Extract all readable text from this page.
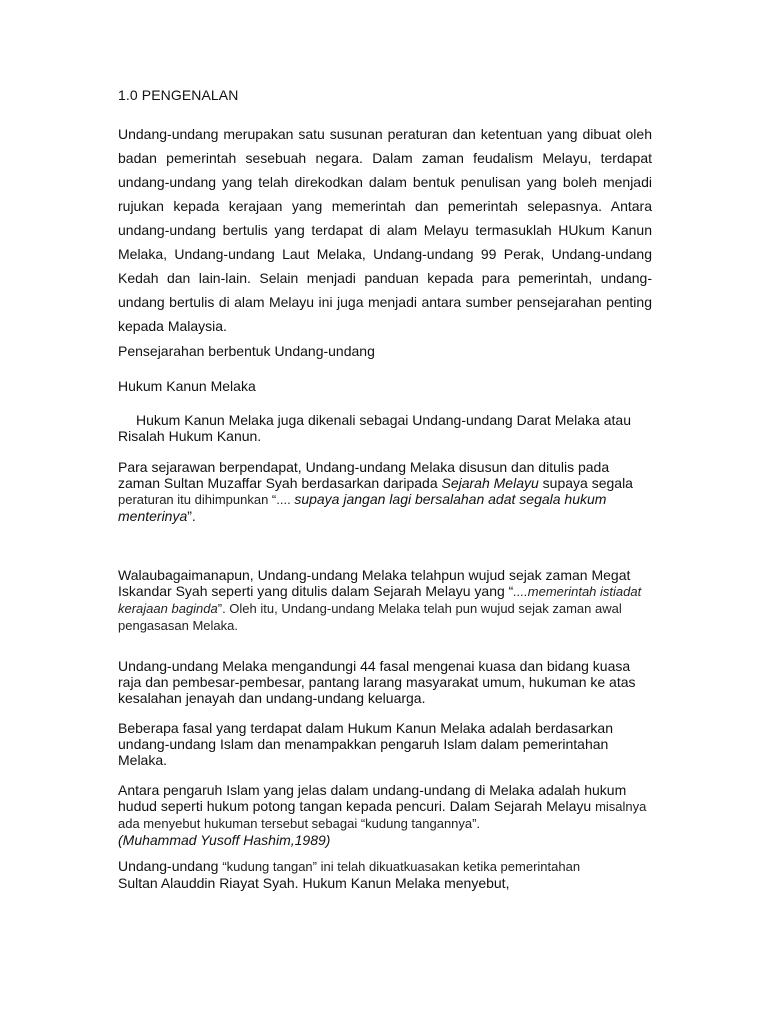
1.0 PENGENALAN
Undang-undang merupakan satu susunan peraturan dan ketentuan yang dibuat oleh badan pemerintah sesebuah negara. Dalam zaman feudalism Melayu, terdapat undang-undang yang telah direkodkan dalam bentuk penulisan yang boleh menjadi rujukan kepada kerajaan yang memerintah dan pemerintah selepasnya. Antara undang-undang bertulis yang terdapat di alam Melayu termasuklah HUkum Kanun Melaka, Undang-undang Laut Melaka, Undang-undang 99 Perak, Undang-undang Kedah dan lain-lain. Selain menjadi panduan kepada para pemerintah, undang-undang bertulis di alam Melayu ini juga menjadi antara sumber pensejarahan penting kepada Malaysia.
Pensejarahan berbentuk Undang-undang
Hukum Kanun Melaka
Hukum Kanun Melaka juga dikenali sebagai Undang-undang Darat Melaka atau Risalah Hukum Kanun.
Para sejarawan berpendapat, Undang-undang Melaka disusun dan ditulis pada zaman Sultan Muzaffar Syah berdasarkan daripada Sejarah Melayu supaya segala peraturan itu dihimpunkan “.... supaya jangan lagi bersalahan adat segala hukum menterinya”.
Walaubagaimanapun, Undang-undang Melaka telahpun wujud sejak zaman Megat Iskandar Syah seperti yang ditulis dalam Sejarah Melayu yang “....memerintah istiadat kerajaan baginda”. Oleh itu, Undang-undang Melaka telah pun wujud sejak zaman awal pengasasan Melaka.
Undang-undang Melaka mengandungi 44 fasal mengenai kuasa dan bidang kuasa raja dan pembesar-pembesar, pantang larang masyarakat umum, hukuman ke atas kesalahan jenayah dan undang-undang keluarga.
Beberapa fasal yang terdapat dalam Hukum Kanun Melaka adalah berdasarkan undang-undang Islam dan menampakkan pengaruh Islam dalam pemerintahan Melaka.
Antara pengaruh Islam yang jelas dalam undang-undang di Melaka adalah hukum hudud seperti hukum potong tangan kepada pencuri. Dalam Sejarah Melayu misalnya ada menyebut hukuman tersebut sebagai “kudung tangannya”.
(Muhammad Yusoff Hashim,1989)
Undang-undang “kudung tangan” ini telah dikuatkuasakan ketika pemerintahan
Sultan Alauddin Riayat Syah. Hukum Kanun Melaka menyebut,
